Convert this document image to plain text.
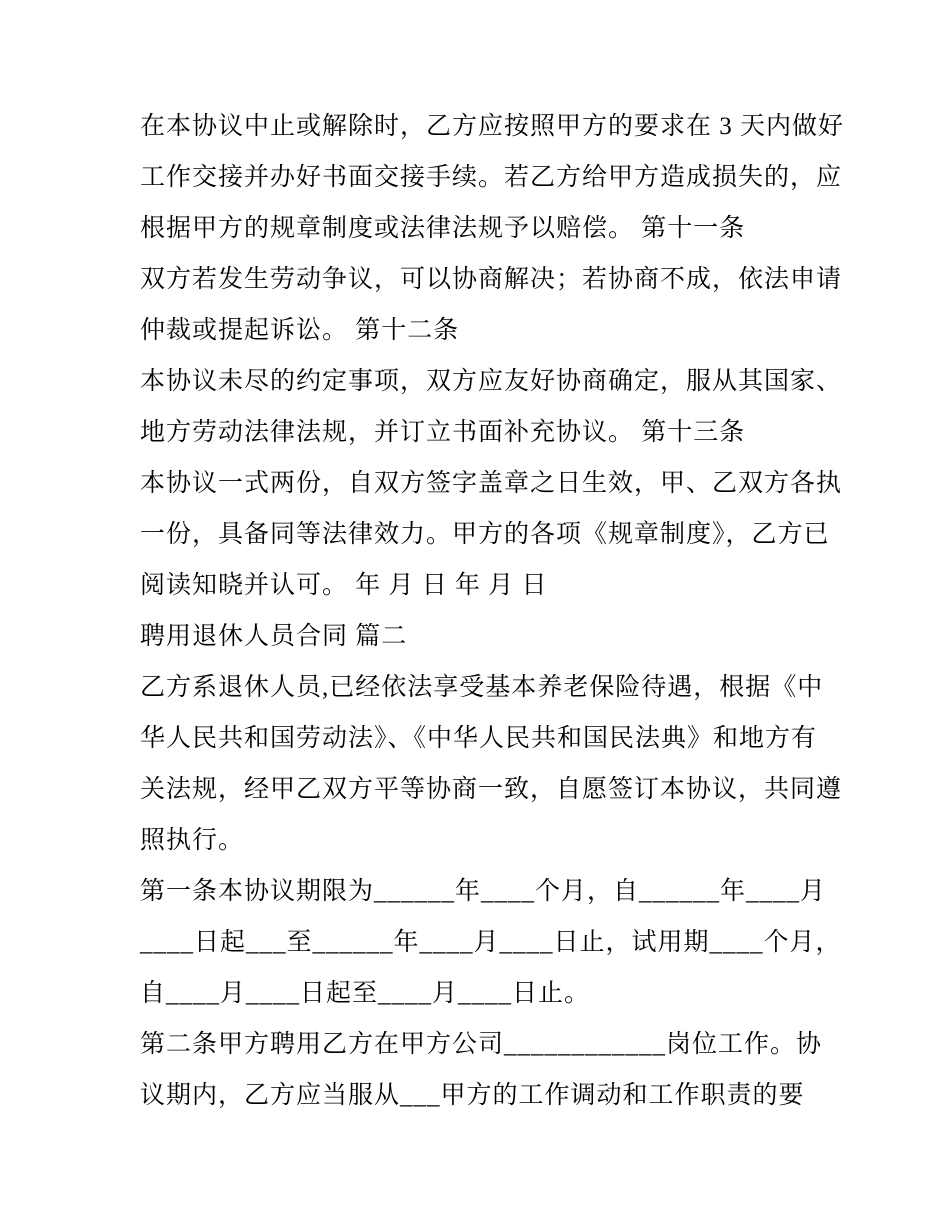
在本协议中止或解除时，乙方应按照甲方的要求在 3 天内做好
工作交接并办好书面交接手续。若乙方给甲方造成损失的，应
根据甲方的规章制度或法律法规予以赔偿。 第十一条
双方若发生劳动争议，可以协商解决；若协商不成，依法申请
仲裁或提起诉讼。 第十二条
本协议未尽的约定事项，双方应友好协商确定，服从其国家、
地方劳动法律法规，并订立书面补充协议。 第十三条
本协议一式两份，自双方签字盖章之日生效，甲、乙双方各执
一份，具备同等法律效力。甲方的各项《规章制度》，乙方已
阅读知晓并认可。 年 月 日 年 月 日
聘用退休人员合同 篇二
乙方系退休人员,已经依法享受基本养老保险待遇，根据《中
华人民共和国劳动法》、《中华人民共和国民法典》和地方有
关法规，经甲乙双方平等协商一致，自愿签订本协议，共同遵
照执行。
第一条本协议期限为______年____个月，自______年____月
____日起___至______年____月____日止，试用期____个月，
自____月____日起至____月____日止。
第二条甲方聘用乙方在甲方公司____________岗位工作。协
议期内，乙方应当服从___甲方的工作调动和工作职责的要
